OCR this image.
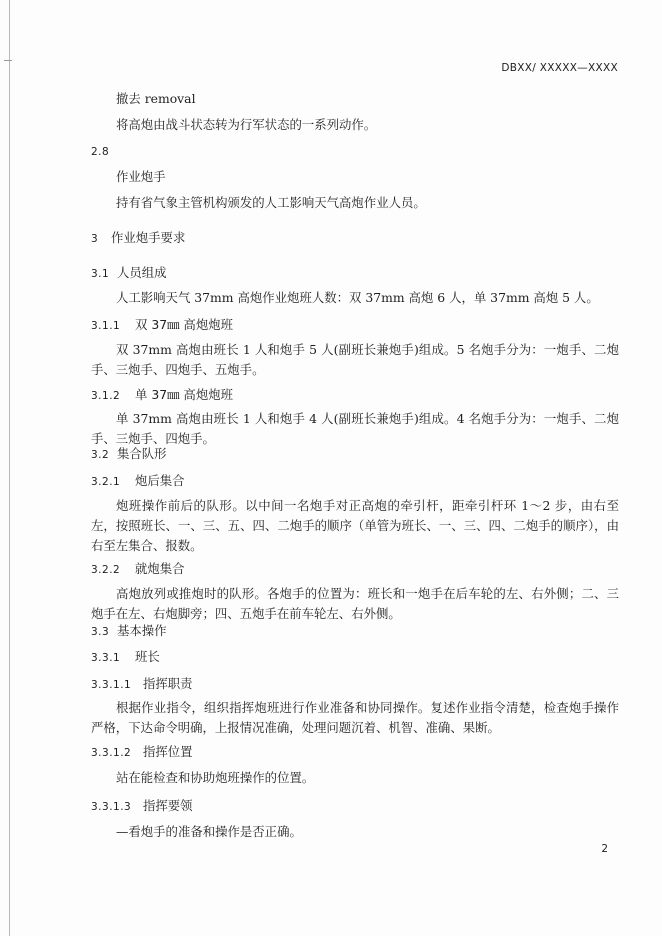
DBXX/ XXXXX—XXXX
撤去 removal
将高炮由战斗状态转为行军状态的一系列动作。
2.8
作业炮手
持有省气象主管机构颁发的人工影响天气高炮作业人员。
3 作业炮手要求
3.1 人员组成
人工影响天气 37mm 高炮作业炮班人数：双 37mm 高炮 6 人，单 37mm 高炮 5 人。
3.1.1 双 37㎜ 高炮炮班
双 37mm 高炮由班长 1 人和炮手 5 人(副班长兼炮手)组成。5 名炮手分为：一炮手、二炮手、三炮手、四炮手、五炮手。
3.1.2 单 37㎜ 高炮炮班
单 37mm 高炮由班长 1 人和炮手 4 人(副班长兼炮手)组成。4 名炮手分为：一炮手、二炮手、三炮手、四炮手。
3.2 集合队形
3.2.1 炮后集合
炮班操作前后的队形。以中间一名炮手对正高炮的牵引杆，距牵引杆环 1～2 步，由右至左，按照班长、一、三、五、四、二炮手的顺序（单管为班长、一、三、四、二炮手的顺序），由右至左集合、报数。
3.2.2 就炮集合
高炮放列或推炮时的队形。各炮手的位置为：班长和一炮手在后车轮的左、右外侧；二、三炮手在左、右炮脚旁；四、五炮手在前车轮左、右外侧。
3.3 基本操作
3.3.1 班长
3.3.1.1 指挥职责
根据作业指令，组织指挥炮班进行作业准备和协同操作。复述作业指令清楚，检查炮手操作严格，下达命令明确，上报情况准确，处理问题沉着、机智、准确、果断。
3.3.1.2 指挥位置
站在能检查和协助炮班操作的位置。
3.3.1.3 指挥要领
—看炮手的准备和操作是否正确。
2
